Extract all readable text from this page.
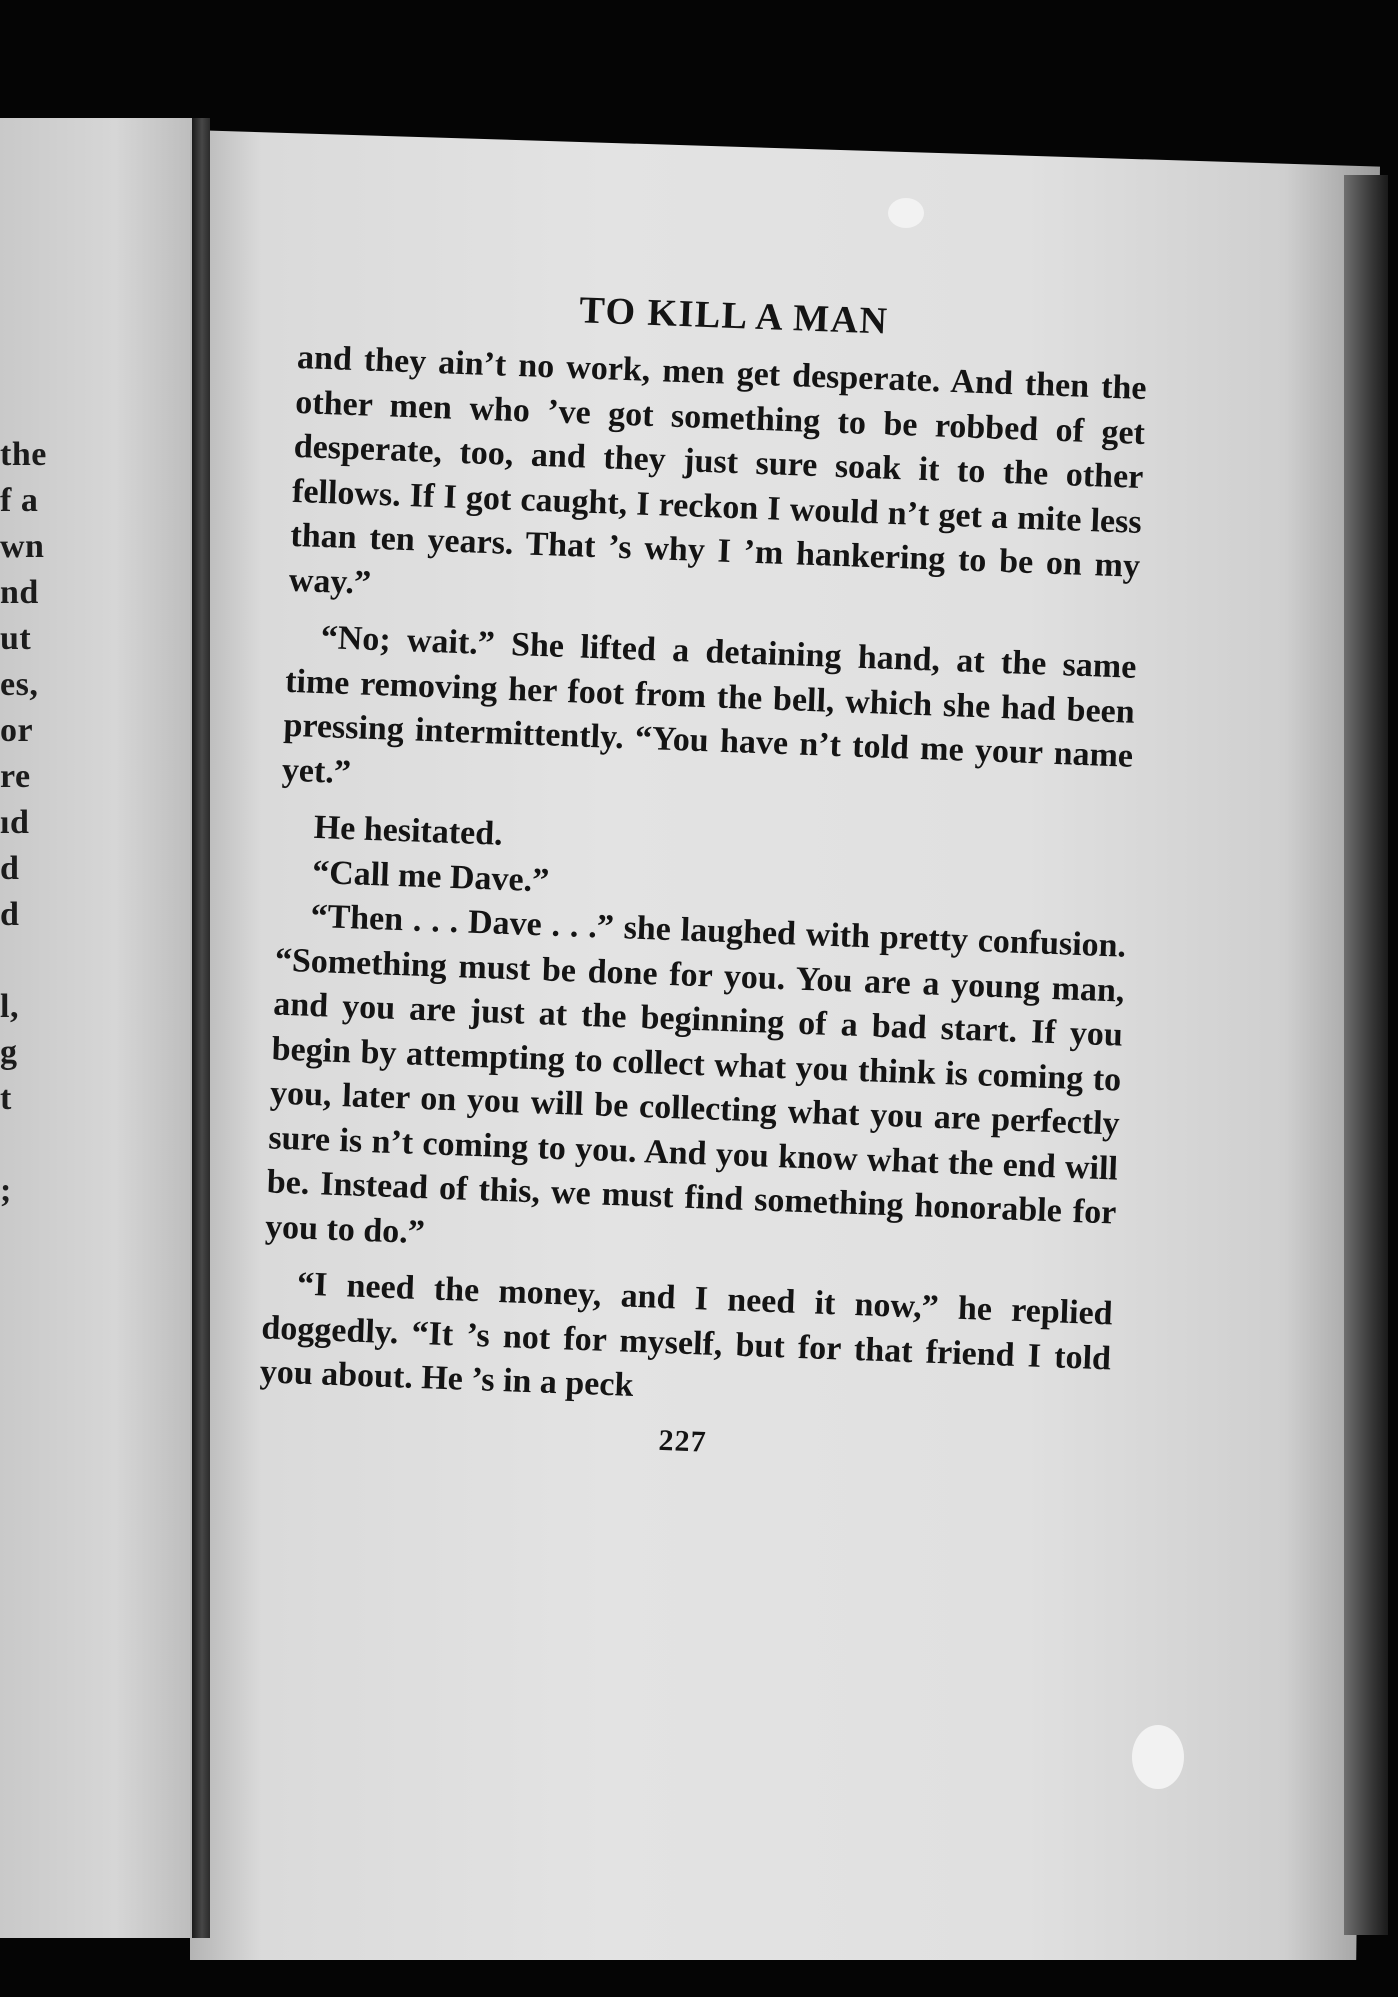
the
f a
wn
nd
ut
es,
or
re
ıd
d
d
l,
g
t
;
TO KILL A MAN

and they ain’t no work, men get desperate. And then the other men who ’ve got something to be robbed of get desperate, too, and they just sure soak it to the other fellows. If I got caught, I reckon I would n’t get a mite less than ten years. That ’s why I ’m hankering to be on my way.”

“No; wait.” She lifted a detaining hand, at the same time removing her foot from the bell, which she had been pressing intermittently. “You have n’t told me your name yet.”

He hesitated.

“Call me Dave.”

“Then . . . Dave . . .” she laughed with pretty confusion. “Something must be done for you. You are a young man, and you are just at the beginning of a bad start. If you begin by attempting to collect what you think is coming to you, later on you will be collecting what you are perfectly sure is n’t coming to you. And you know what the end will be. Instead of this, we must find something honorable for you to do.”

“I need the money, and I need it now,” he replied doggedly. “It ’s not for myself, but for that friend I told you about. He ’s in a peck

227
